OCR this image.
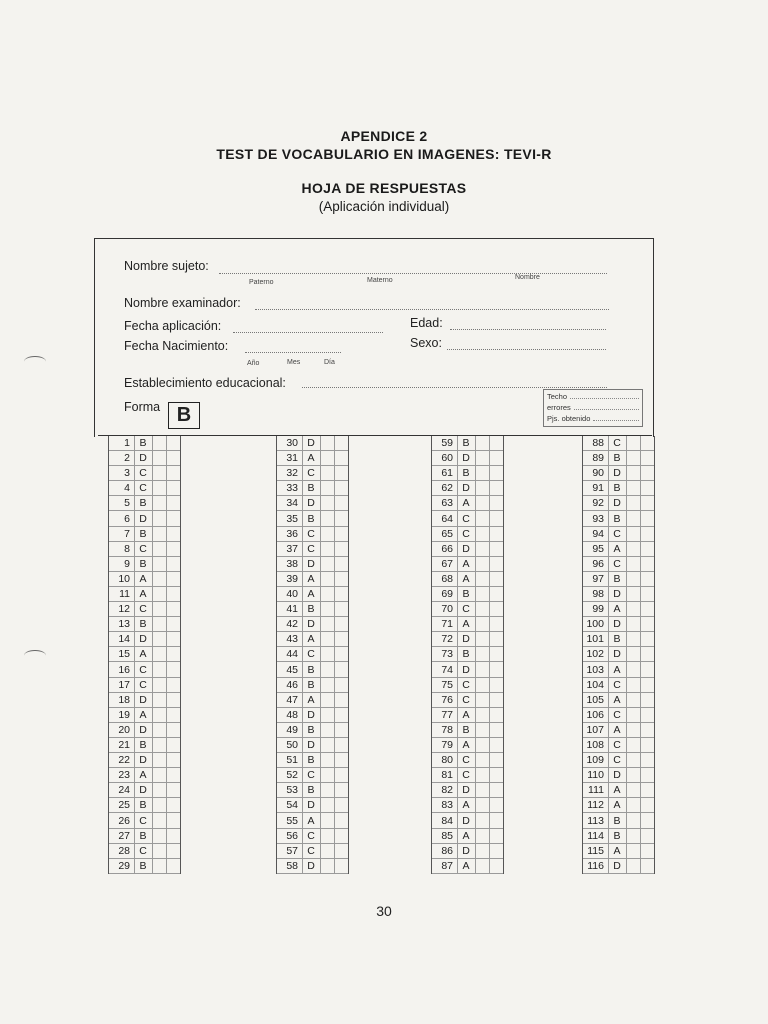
APENDICE 2
TEST DE VOCABULARIO EN IMAGENES: TEVI-R
HOJA DE RESPUESTAS
(Aplicación individual)
Nombre sujeto:
Paterno	Materno	Nombre
Nombre examinador:
Fecha aplicación:	Edad:
Fecha Nacimiento:	Sexo:
Año	Mes	Día
Establecimiento educacional:
Forma B
Techo
errores
Pjs. obtenido
1 B
2 D
3 C
4 C
5 B
6 D
7 B
8 C
9 B
10 A
11 A
12 C
13 B
14 D
15 A
16 C
17 C
18 D
19 A
20 D
21 B
22 D
23 A
24 D
25 B
26 C
27 B
28 C
29 B
30 D
31 A
32 C
33 B
34 D
35 B
36 C
37 C
38 D
39 A
40 A
41 B
42 D
43 A
44 C
45 B
46 B
47 A
48 D
49 B
50 D
51 B
52 C
53 B
54 D
55 A
56 C
57 C
58 D
59 B
60 D
61 B
62 D
63 A
64 C
65 C
66 D
67 A
68 A
69 B
70 C
71 A
72 D
73 B
74 D
75 C
76 C
77 A
78 B
79 A
80 C
81 C
82 D
83 A
84 D
85 A
86 D
87 A
88 C
89 B
90 D
91 B
92 D
93 B
94 C
95 A
96 C
97 B
98 D
99 A
100 D
101 B
102 D
103 A
104 C
105 A
106 C
107 A
108 C
109 C
110 D
111 A
112 A
113 B
114 B
115 A
116 D
30
